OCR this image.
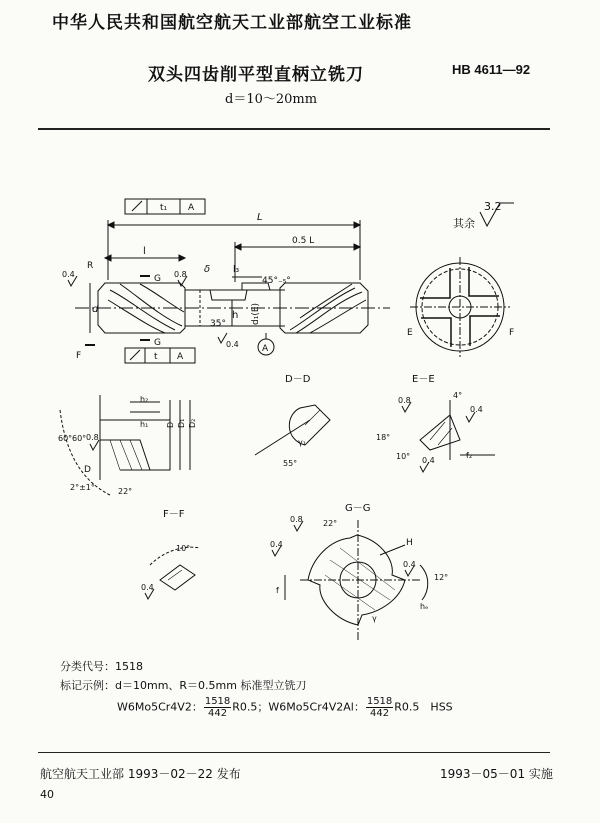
中华人民共和国航空航天工业部航空工业标准
双头四齿削平型直柄立铣刀	HB 4611—92
d＝10～20mm
其余
3.2
L
0.5 L
l
l₃
δ
45°₋₅°
h d₁(E)
35°
d
R
0.4	0.8
0.4	A
G
G
F
t₁ A
t A
E	F
h₂
h₁ D D₁ D₂
60° 60° 0.8
D
2°±1°	22°
D－D
γ₁
55°
E－E
4°
0.8
0.4
18°
10° 0.4
f₂
F－F
10°
0.4
G－G
0.8	22°
0.4	H
0.4
12°
hₑ
γ
f
分类代号：1518
标记示例：d＝10mm、R＝0.5mm 标准型立铣刀
W6Mo5Cr4V2： $\frac{1518}{442} R0.5$；W6Mo5Cr4V2Al： $\frac{1518}{442} R0.5$　HSS
航空航天工业部 1993－02－22 发布	1993－05－01 实施
40
